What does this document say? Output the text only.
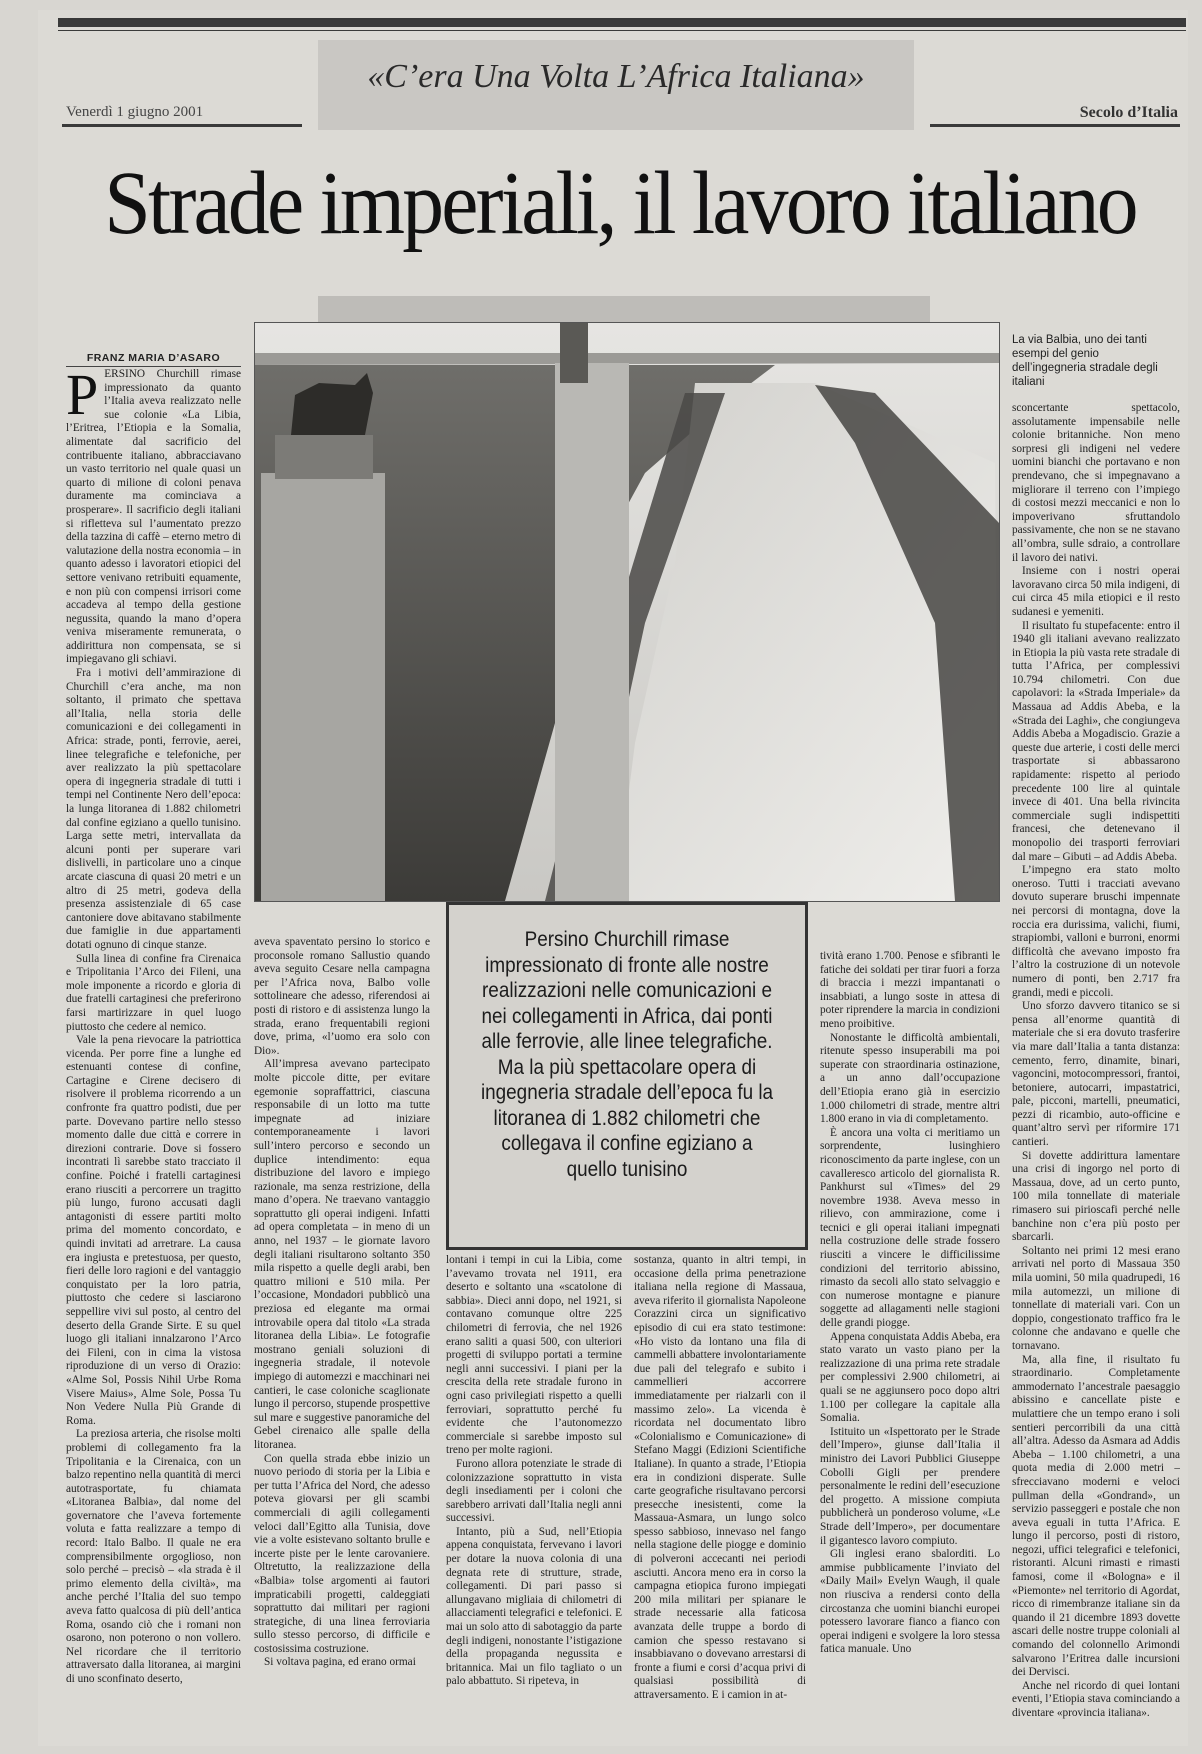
«C’era Una Volta L’Africa Italiana»
Venerdì 1 giugno 2001	Secolo d’Italia
Strade imperiali, il lavoro italiano
La via Balbia, uno dei tanti esempi del genio dell’ingegneria stradale degli italiani
FRANZ MARIA D’ASARO
P ERSINO Churchill rimase impressionato da quanto l’Italia aveva realizzato nelle sue colonie «La Libia, l’Eritrea, l’Etiopia e la Somalia, alimentate dal sacrificio del contribuente italiano, abbracciavano un vasto territorio nel quale quasi un quarto di milione di coloni penava duramente ma cominciava a prosperare». Il sacrificio degli italiani si rifletteva sul l’aumentato prezzo della tazzina di caffè – eterno metro di valutazione della nostra economia – in quanto adesso i lavoratori etiopici del settore venivano retribuiti equamente, e non più con compensi irrisori come accadeva al tempo della gestione negussita, quando la mano d’opera veniva miseramente remunerata, o addirittura non compensata, se si impiegavano gli schiavi.

Fra i motivi dell’ammirazione di Churchill c’era anche, ma non soltanto, il primato che spettava all’Italia, nella storia delle comunicazioni e dei collegamenti in Africa: strade, ponti, ferrovie, aerei, linee telegrafiche e telefoniche, per aver realizzato la più spettacolare opera di ingegneria stradale di tutti i tempi nel Continente Nero dell’epoca: la lunga litoranea di 1.882 chilometri dal confine egiziano a quello tunisino. Larga sette metri, intervallata da alcuni ponti per superare vari dislivelli, in particolare uno a cinque arcate ciascuna di quasi 20 metri e un altro di 25 metri, godeva della presenza assistenziale di 65 case cantoniere dove abitavano stabilmente due famiglie in due appartamenti dotati ognuno di cinque stanze.

Sulla linea di confine fra Cirenaica e Tripolitania l’Arco dei Fileni, una mole imponente a ricordo e gloria di due fratelli cartaginesi che preferirono farsi martirizzare in quel luogo piuttosto che cedere al nemico.

Vale la pena rievocare la patriottica vicenda. Per porre fine a lunghe ed estenuanti contese di confine, Cartagine e Cirene decisero di risolvere il problema ricorrendo a un confronte fra quattro podisti, due per parte. Dovevano partire nello stesso momento dalle due città e correre in direzioni contrarie. Dove si fossero incontrati lì sarebbe stato tracciato il confine. Poiché i fratelli cartaginesi erano riusciti a percorrere un tragitto più lungo, furono accusati dagli antagonisti di essere partiti molto prima del momento concordato, e quindi invitati ad arretrare. La causa era ingiusta e pretestuosa, per questo, fieri delle loro ragioni e del vantaggio conquistato per la loro patria, piuttosto che cedere si lasciarono seppellire vivi sul posto, al centro del deserto della Grande Sirte. E su quel luogo gli italiani innalzarono l’Arco dei Fileni, con in cima la vistosa riproduzione di un verso di Orazio: «Alme Sol, Possis Nihil Urbe Roma Visere Maius», Alme Sole, Possa Tu Non Vedere Nulla Più Grande di Roma.

La preziosa arteria, che risolse molti problemi di collegamento fra la Tripolitania e la Cirenaica, con un balzo repentino nella quantità di merci autotrasportate, fu chiamata «Litoranea Balbia», dal nome del governatore che l’aveva fortemente voluta e fatta realizzare a tempo di record: Italo Balbo. Il quale ne era comprensibilmente orgoglioso, non solo perché – precisò – «la strada è il primo elemento della civiltà», ma anche perché l’Italia del suo tempo aveva fatto qualcosa di più dell’antica Roma, osando ciò che i romani non osarono, non poterono o non vollero. Nel ricordare che il territorio attraversato dalla litoranea, ai margini di uno sconfinato deserto,

aveva spaventato persino lo storico e proconsole romano Sallustio quando aveva seguito Cesare nella campagna per l’Africa nova, Balbo volle sottolineare che adesso, riferendosi ai posti di ristoro e di assistenza lungo la strada, erano frequentabili regioni dove, prima, «l’uomo era solo con Dio».

All’impresa avevano partecipato molte piccole ditte, per evitare egemonie sopraffattrici, ciascuna responsabile di un lotto ma tutte impegnate ad iniziare contemporaneamente i lavori sull’intero percorso e secondo un duplice intendimento: equa distribuzione del lavoro e impiego razionale, ma senza restrizione, della mano d’opera. Ne traevano vantaggio soprattutto gli operai indigeni. Infatti ad opera completata – in meno di un anno, nel 1937 – le giornate lavoro degli italiani risultarono soltanto 350 mila rispetto a quelle degli arabi, ben quattro milioni e 510 mila. Per l’occasione, Mondadori pubblicò una preziosa ed elegante ma ormai introvabile opera dal titolo «La strada litoranea della Libia». Le fotografie mostrano geniali soluzioni di ingegneria stradale, il notevole impiego di automezzi e macchinari nei cantieri, le case coloniche scaglionate lungo il percorso, stupende prospettive sul mare e suggestive panoramiche del Gebel cirenaico alle spalle della litoranea.

Con quella strada ebbe inizio un nuovo periodo di storia per la Libia e per tutta l’Africa del Nord, che adesso poteva giovarsi per gli scambi commerciali di agili collegamenti veloci dall’Egitto alla Tunisia, dove vie a volte esistevano soltanto brulle e incerte piste per le lente carovaniere. Oltretutto, la realizzazione della «Balbia» tolse argomenti ai fautori impraticabili progetti, caldeggiati soprattutto dai militari per ragioni strategiche, di una linea ferroviaria sullo stesso percorso, di difficile e costosissima costruzione.

Si voltava pagina, ed erano ormai

Persino Churchill rimase impressionato di fronte alle nostre realizzazioni nelle comunicazioni e nei collegamenti in Africa, dai ponti alle ferrovie, alle linee telegrafiche. Ma la più spettacolare opera di ingegneria stradale dell’epoca fu la litoranea di 1.882 chilometri che collegava il confine egiziano a quello tunisino

lontani i tempi in cui la Libia, come l’avevamo trovata nel 1911, era deserto e soltanto una «scatolone di sabbia». Dieci anni dopo, nel 1921, si contavano comunque oltre 225 chilometri di ferrovia, che nel 1926 erano saliti a quasi 500, con ulteriori progetti di sviluppo portati a termine negli anni successivi. I piani per la crescita della rete stradale furono in ogni caso privilegiati rispetto a quelli ferroviari, soprattutto perché fu evidente che l’autonomezzo commerciale si sarebbe imposto sul treno per molte ragioni.

Furono allora potenziate le strade di colonizzazione soprattutto in vista degli insediamenti per i coloni che sarebbero arrivati dall’Italia negli anni successivi.

Intanto, più a Sud, nell’Etiopia appena conquistata, fervevano i lavori per dotare la nuova colonia di una degnata rete di strutture, strade, collegamenti. Di pari passo si allungavano migliaia di chilometri di allacciamenti telegrafici e telefonici. E mai un solo atto di sabotaggio da parte degli indigeni, nonostante l’istigazione della propaganda negussita e britannica. Mai un filo tagliato o un palo abbattuto. Si ripeteva, in

sostanza, quanto in altri tempi, in occasione della prima penetrazione italiana nella regione di Massaua, aveva riferito il giornalista Napoleone Corazzini circa un significativo episodio di cui era stato testimone: «Ho visto da lontano una fila di cammelli abbattere involontariamente due pali del telegrafo e subito i cammellieri accorrere immediatamente per rialzarli con il massimo zelo». La vicenda è ricordata nel documentato libro «Colonialismo e Comunicazione» di Stefano Maggi (Edizioni Scientifiche Italiane). In quanto a strade, l’Etiopia era in condizioni disperate. Sulle carte geografiche risultavano percorsi presecche inesistenti, come la Massaua-Asmara, un lungo solco spesso sabbioso, innevaso nel fango nella stagione delle piogge e dominio di polveroni accecanti nei periodi asciutti. Ancora meno era in corso la campagna etiopica furono impiegati 200 mila militari per spianare le strade necessarie alla faticosa avanzata delle truppe a bordo di camion che spesso restavano si insabbiavano o dovevano arrestarsi di fronte a fiumi e corsi d’acqua privi di qualsiasi possibilità di attraversamento. E i camion in at-

tività erano 1.700. Penose e sfibranti le fatiche dei soldati per tirar fuori a forza di braccia i mezzi impantanati o insabbiati, a lungo soste in attesa di poter riprendere la marcia in condizioni meno proibitive.

Nonostante le difficoltà ambientali, ritenute spesso insuperabili ma poi superate con straordinaria ostinazione, a un anno dall’occupazione dell’Etiopia erano già in esercizio 1.000 chilometri di strade, mentre altri 1.800 erano in via di completamento.

È ancora una volta ci meritiamo un sorprendente, lusinghiero riconoscimento da parte inglese, con un cavalleresco articolo del giornalista R. Pankhurst sul «Times» del 29 novembre 1938. Aveva messo in rilievo, con ammirazione, come i tecnici e gli operai italiani impegnati nella costruzione delle strade fossero riusciti a vincere le difficilissime condizioni del territorio abissino, rimasto da secoli allo stato selvaggio e con numerose montagne e pianure soggette ad allagamenti nelle stagioni delle grandi piogge.

Appena conquistata Addis Abeba, era stato varato un vasto piano per la realizzazione di una prima rete stradale per complessivi 2.900 chilometri, ai quali se ne aggiunsero poco dopo altri 1.100 per collegare la capitale alla Somalia.

Istituito un «Ispettorato per le Strade dell’Impero», giunse dall’Italia il ministro dei Lavori Pubblici Giuseppe Cobolli Gigli per prendere personalmente le redini dell’esecuzione del progetto. A missione compiuta pubblicherà un ponderoso volume, «Le Strade dell’Impero», per documentare il gigantesco lavoro compiuto.

Gli inglesi erano sbalorditi. Lo ammise pubblicamente l’inviato del «Daily Mail» Evelyn Waugh, il quale non riusciva a rendersi conto della circostanza che uomini bianchi europei potessero lavorare fianco a fianco con operai indigeni e svolgere la loro stessa fatica manuale. Uno

sconcertante spettacolo, assolutamente impensabile nelle colonie britanniche. Non meno sorpresi gli indigeni nel vedere uomini bianchi che portavano e non prendevano, che si impegnavano a migliorare il terreno con l’impiego di costosi mezzi meccanici e non lo impoverivano sfruttandolo passivamente, che non se ne stavano all’ombra, sulle sdraio, a controllare il lavoro dei nativi.

Insieme con i nostri operai lavoravano circa 50 mila indigeni, di cui circa 45 mila etiopici e il resto sudanesi e yemeniti.

Il risultato fu stupefacente: entro il 1940 gli italiani avevano realizzato in Etiopia la più vasta rete stradale di tutta l’Africa, per complessivi 10.794 chilometri. Con due capolavori: la «Strada Imperiale» da Massaua ad Addis Abeba, e la «Strada dei Laghi», che congiungeva Addis Abeba a Mogadiscio. Grazie a queste due arterie, i costi delle merci trasportate si abbassarono rapidamente: rispetto al periodo precedente 100 lire al quintale invece di 401. Una bella rivincita commerciale sugli indispettiti francesi, che detenevano il monopolio dei trasporti ferroviari dal mare – Gibuti – ad Addis Abeba.

L’impegno era stato molto oneroso. Tutti i tracciati avevano dovuto superare bruschi impennate nei percorsi di montagna, dove la roccia era durissima, valichi, fiumi, strapiombi, valloni e burroni, enormi difficoltà che avevano imposto fra l’altro la costruzione di un notevole numero di ponti, ben 2.717 fra grandi, medi e piccoli.

Uno sforzo davvero titanico se si pensa all’enorme quantità di materiale che si era dovuto trasferire via mare dall’Italia a tanta distanza: cemento, ferro, dinamite, binari, vagoncini, motocompressori, frantoi, betoniere, autocarri, impastatrici, pale, picconi, martelli, pneumatici, pezzi di ricambio, auto-officine e quant’altro servì per riformire 171 cantieri.

Si dovette addirittura lamentare una crisi di ingorgo nel porto di Massaua, dove, ad un certo punto, 100 mila tonnellate di materiale rimasero sui pirioscafi perché nelle banchine non c’era più posto per sbarcarli.

Soltanto nei primi 12 mesi erano arrivati nel porto di Massaua 350 mila uomini, 50 mila quadrupedi, 16 mila automezzi, un milione di tonnellate di materiali vari. Con un doppio, congestionato traffico fra le colonne che andavano e quelle che tornavano.

Ma, alla fine, il risultato fu straordinario. Completamente ammodernato l’ancestrale paesaggio abissino e cancellate piste e mulattiere che un tempo erano i soli sentieri percorribili da una città all’altra. Adesso da Asmara ad Addis Abeba – 1.100 chilometri, a una quota media di 2.000 metri – sfrecciavano moderni e veloci pullman della «Gondrand», un servizio passeggeri e postale che non aveva eguali in tutta l’Africa. E lungo il percorso, posti di ristoro, negozi, uffici telegrafici e telefonici, ristoranti. Alcuni rimasti e rimasti famosi, come il «Bologna» e il «Piemonte» nel territorio di Agordat, ricco di rimembranze italiane sin da quando il 21 dicembre 1893 dovette ascari delle nostre truppe coloniali al comando del colonnello Arimondi salvarono l’Eritrea dalle incursioni dei Dervisci.

Anche nel ricordo di quei lontani eventi, l’Etiopia stava cominciando a diventare «provincia italiana».
